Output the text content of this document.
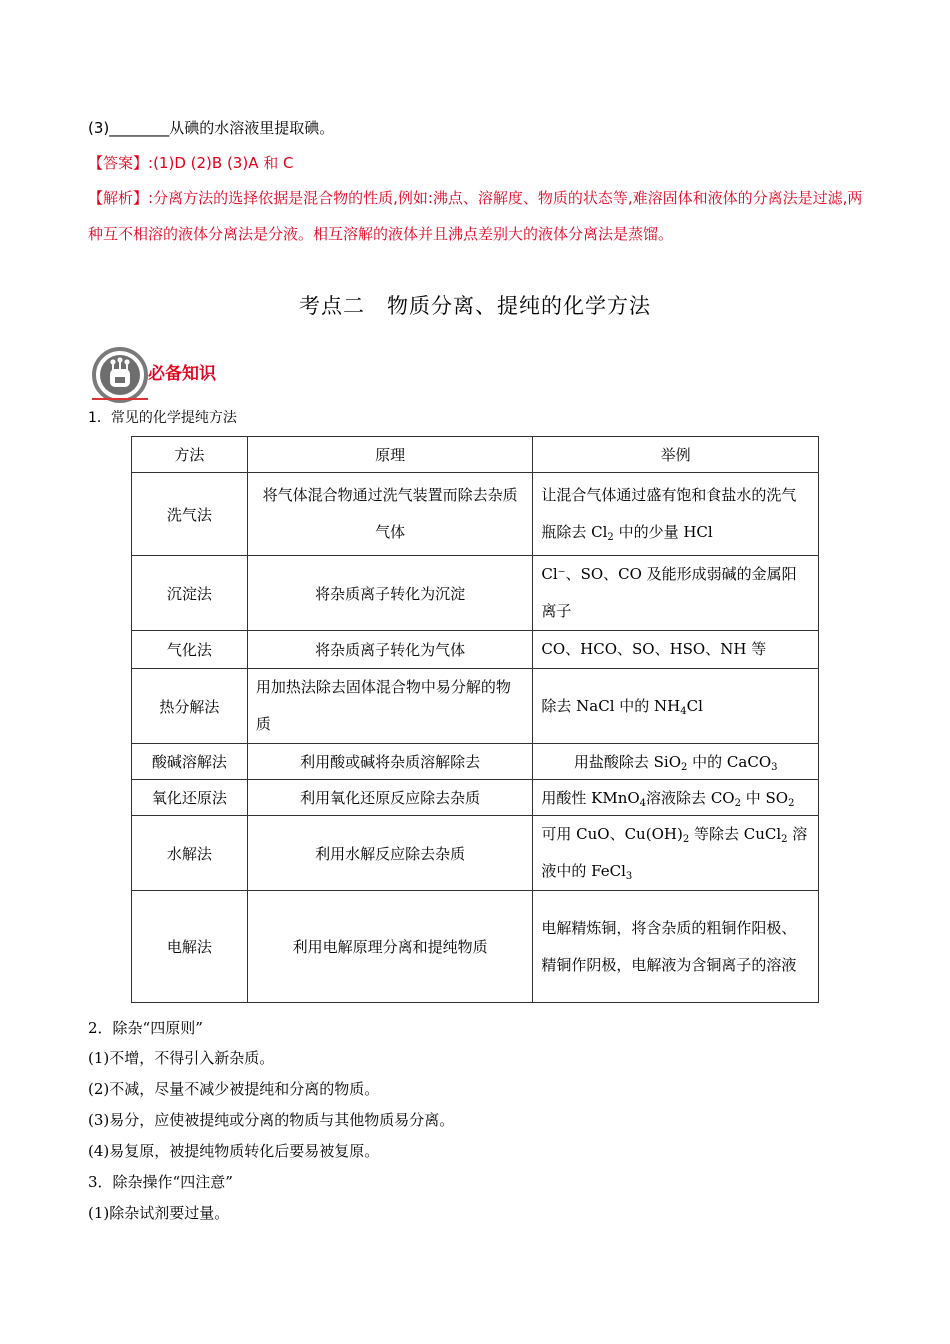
(3)________从碘的水溶液里提取碘。
【答案】:(1)D (2)B (3)A 和 C
【解析】:分离方法的选择依据是混合物的性质,例如:沸点、溶解度、物质的状态等,难溶固体和液体的分离法是过滤,两种互不相溶的液体分离法是分液。相互溶解的液体并且沸点差别大的液体分离法是蒸馏。
考点二　物质分离、提纯的化学方法
必备知识
1．常见的化学提纯方法
方法	原理	举例
洗气法	将气体混合物通过洗气装置而除去杂质气体	让混合气体通过盛有饱和食盐水的洗气瓶除去 $Cl_2$ 中的少量 HCl
沉淀法	将杂质离子转化为沉淀	Cl⁻、SO、CO 及能形成弱碱的金属阳离子
气化法	将杂质离子转化为气体	CO、HCO、SO、HSO、NH 等
热分解法	用加热法除去固体混合物中易分解的物质	除去 NaCl 中的 $NH_4Cl$
酸碱溶解法	利用酸或碱将杂质溶解除去	用盐酸除去 SiO$_2$ 中的 CaCO$_3$
氧化还原法	利用氧化还原反应除去杂质	用酸性 KMnO$_4$溶液除去 $CO_2$ 中 $SO_2$
水解法	利用水解反应除去杂质	可用 CuO、$Cu(OH)_2$ 等除去 CuCl$_2$ 溶液中的 FeCl$_3$
电解法	利用电解原理分离和提纯物质	电解精炼铜，将含杂质的粗铜作阳极、精铜作阴极，电解液为含铜离子的溶液
2．除杂“四原则”
(1)不增，不得引入新杂质。
(2)不减，尽量不减少被提纯和分离的物质。
(3)易分，应使被提纯或分离的物质与其他物质易分离。
(4)易复原，被提纯物质转化后要易被复原。
3．除杂操作“四注意”
(1)除杂试剂要过量。
